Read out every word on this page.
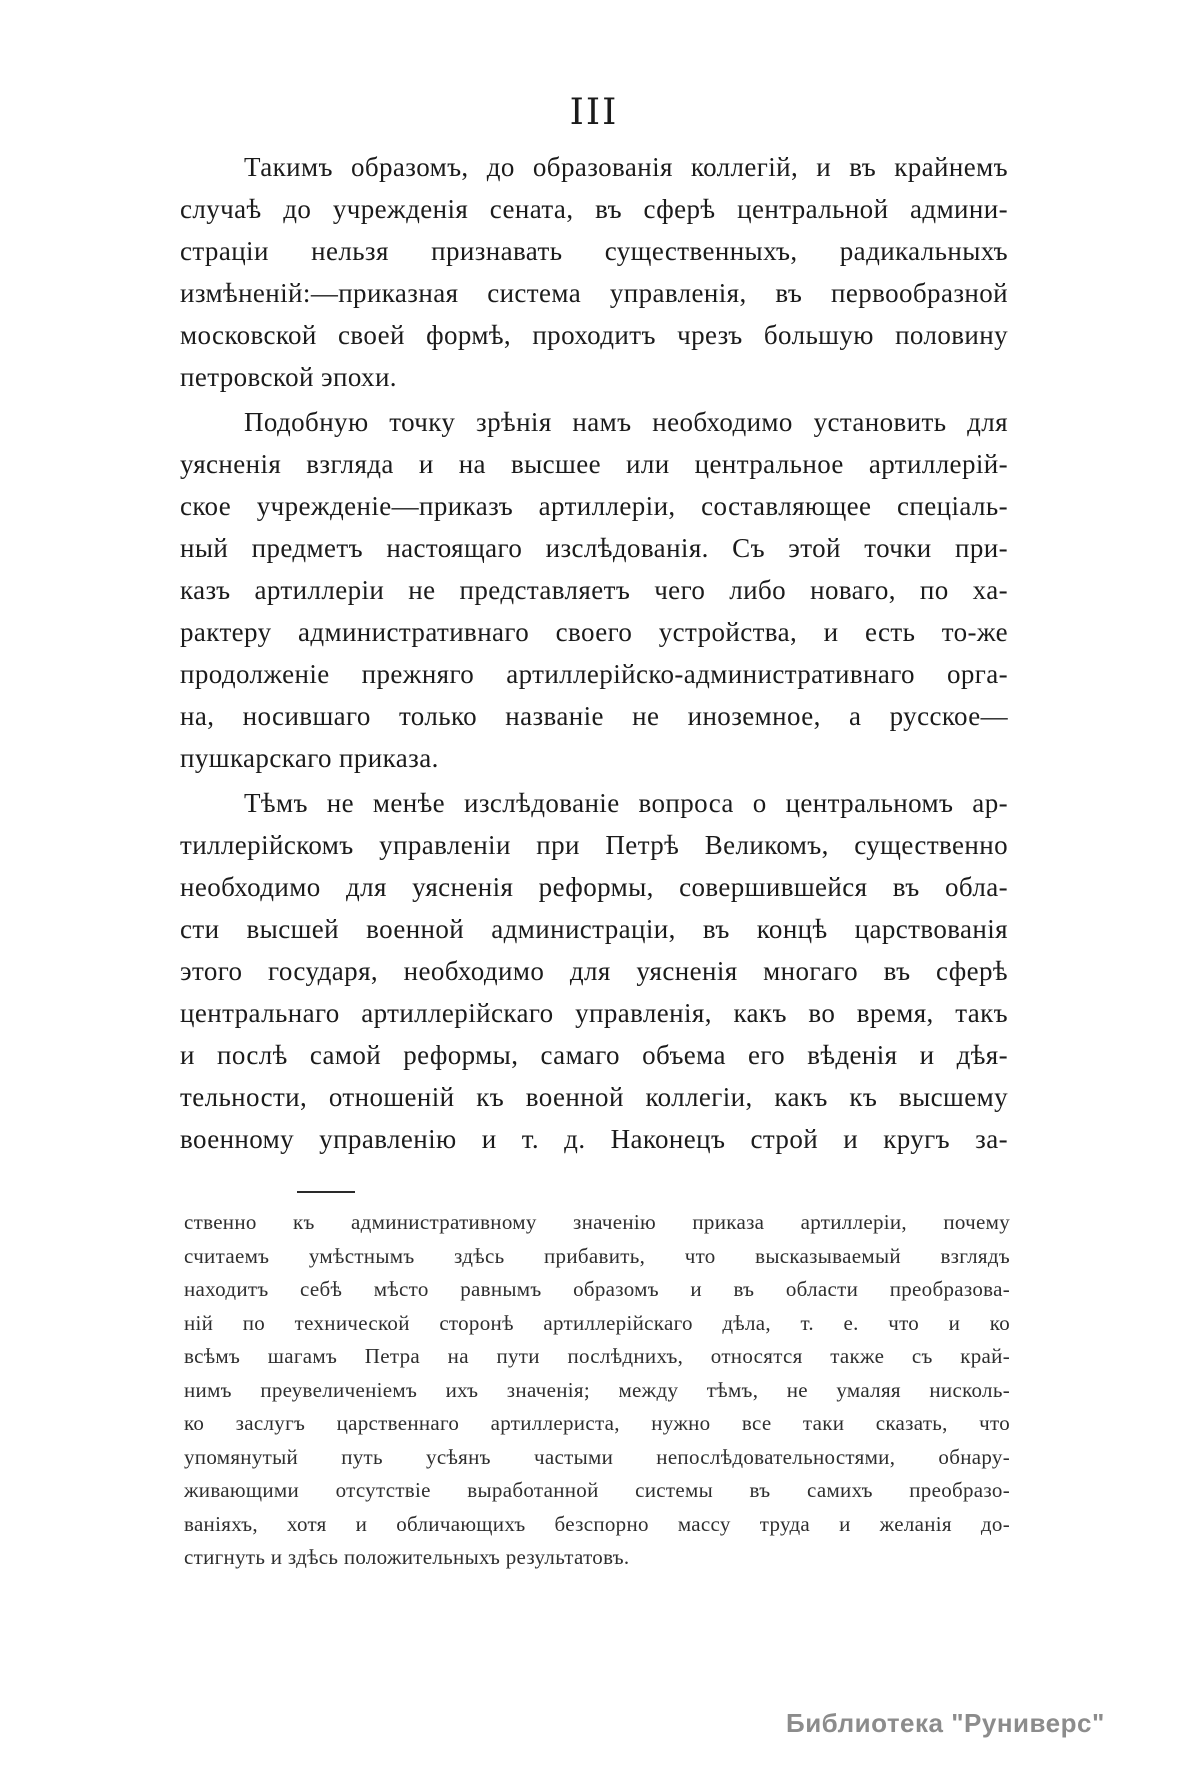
III
Такимъ образомъ, до образованія коллегій, и въ крайнемъ
случаѣ до учрежденія сената, въ сферѣ центральной админи-
страціи нельзя признавать существенныхъ, радикальныхъ
измѣненій:—приказная система управленія, въ первообразной
московской своей формѣ, проходитъ чрезъ большую половину
петровской эпохи.
Подобную точку зрѣнія намъ необходимо установить для
уясненія взгляда и на высшее или центральное артиллерій-
ское учрежденіе—приказъ артиллеріи, составляющее спеціаль-
ный предметъ настоящаго изслѣдованія. Съ этой точки при-
казъ артиллеріи не представляетъ чего либо новаго, по ха-
рактеру административнаго своего устройства, и есть то-же
продолженіе прежняго артиллерійско-административнаго орга-
на, носившаго только названіе не иноземное, а русское—
пушкарскаго приказа.
Тѣмъ не менѣе изслѣдованіе вопроса о центральномъ ар-
тиллерійскомъ управленіи при Петрѣ Великомъ, существенно
необходимо для уясненія реформы, совершившейся въ обла-
сти высшей военной администраціи, въ концѣ царствованія
этого государя, необходимо для уясненія многаго въ сферѣ
центральнаго артиллерійскаго управленія, какъ во время, такъ
и послѣ самой реформы, самаго объема его вѣденія и дѣя-
тельности, отношеній къ военной коллегіи, какъ къ высшему
военному управленію и т. д. Наконецъ строй и кругъ за-
ственно къ административному значенію приказа артиллеріи, почему
считаемъ умѣстнымъ здѣсь прибавить, что высказываемый взглядъ
находитъ себѣ мѣсто равнымъ образомъ и въ области преобразова-
ній по технической сторонѣ артиллерійскаго дѣла, т. е. что и ко
всѣмъ шагамъ Петра на пути послѣднихъ, относятся также съ край-
нимъ преувеличеніемъ ихъ значенія; между тѣмъ, не умаляя нисколь-
ко заслугъ царственнаго артиллериста, нужно все таки сказать, что
упомянутый путь усѣянъ частыми непослѣдовательностями, обнару-
живающими отсутствіе выработанной системы въ самихъ преобразо-
ваніяхъ, хотя и обличающихъ безспорно массу труда и желанія до-
стигнуть и здѣсь положительныхъ результатовъ.
Библиотека "Руниверс"
